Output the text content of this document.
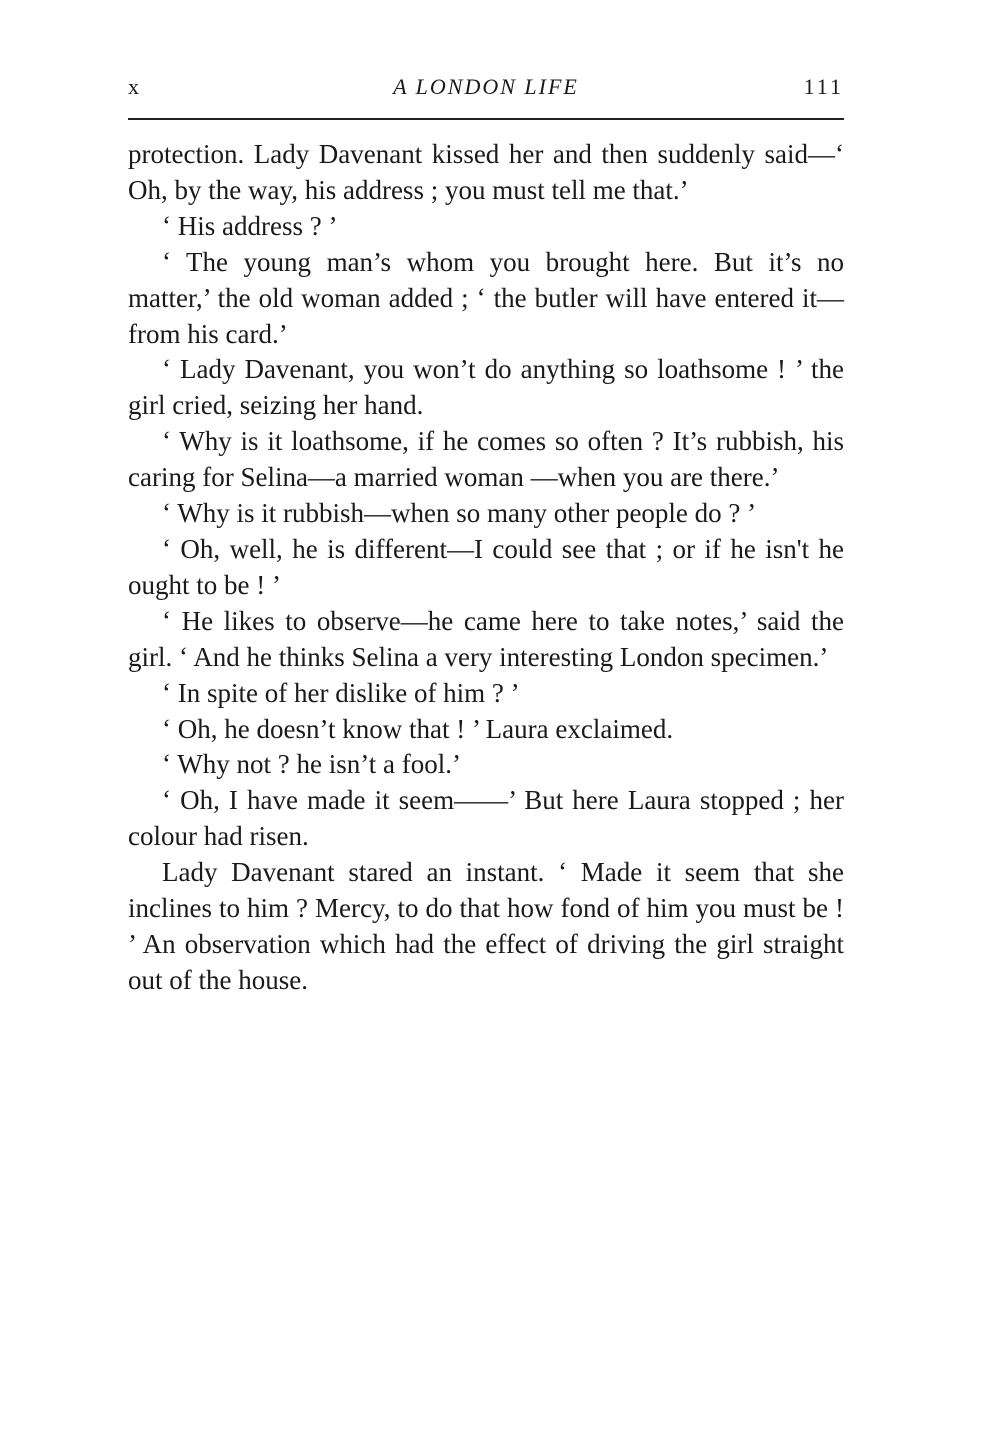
x	A LONDON LIFE	111

protection. Lady Davenant kissed her and then suddenly said—‘ Oh, by the way, his address ; you must tell me that.’

‘ His address ? ’

‘ The young man’s whom you brought here. But it’s no matter,’ the old woman added ; ‘ the butler will have entered it—from his card.’

‘ Lady Davenant, you won’t do anything so loathsome ! ’ the girl cried, seizing her hand.

‘ Why is it loathsome, if he comes so often ? It’s rubbish, his caring for Selina—a married woman —when you are there.’

‘ Why is it rubbish—when so many other people do ? ’

‘ Oh, well, he is different—I could see that ; or if he isn't he ought to be ! ’

‘ He likes to observe—he came here to take notes,’ said the girl. ‘ And he thinks Selina a very interesting London specimen.’

‘ In spite of her dislike of him ? ’

‘ Oh, he doesn’t know that ! ’ Laura exclaimed.

‘ Why not ? he isn’t a fool.’

‘ Oh, I have made it seem——’ But here Laura stopped ; her colour had risen.

Lady Davenant stared an instant. ‘ Made it seem that she inclines to him ? Mercy, to do that how fond of him you must be ! ’ An observation which had the effect of driving the girl straight out of the house.
